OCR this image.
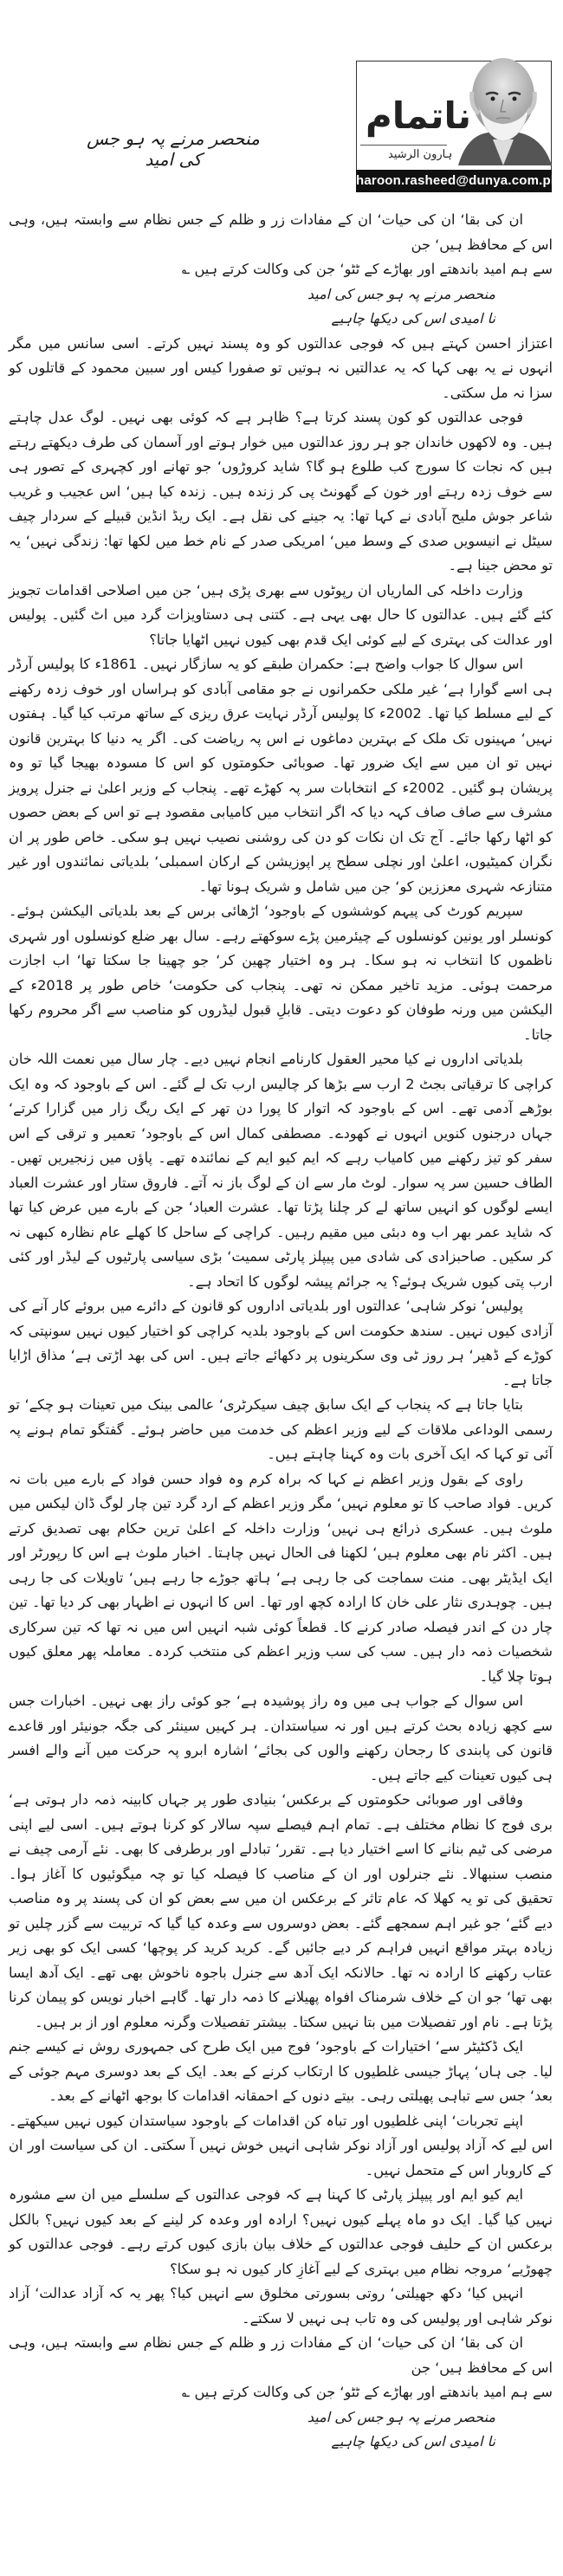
منحصر مرنے پہ ہو جس کی امید
ناتمام
ہارون الرشید
haroon.rasheed@dunya.com.pk

ان کی بقا‘ ان کی حیات‘ ان کے مفادات زر و ظلم کے جس نظام سے وابستہ ہیں، وہی اس کے محافظ ہیں‘ جن

سے ہم امید باندھتے اور بھاڑے کے ٹٹو‘ جن کی وکالت کرتے ہیں ؎

منحصر مرنے پہ ہو جس کی امید
نا امیدی اس کی دیکھا چاہیے

اعتزاز احسن کہتے ہیں کہ فوجی عدالتوں کو وہ پسند نہیں کرتے۔ اسی سانس میں مگر انہوں نے یہ بھی کہا کہ یہ عدالتیں نہ ہوتیں تو صفورا کیس اور سبین محمود کے قاتلوں کو سزا نہ مل سکتی۔

فوجی عدالتوں کو کون پسند کرتا ہے؟ ظاہر ہے کہ کوئی بھی نہیں۔ لوگ عدل چاہتے ہیں۔ وہ لاکھوں خاندان جو ہر روز عدالتوں میں خوار ہوتے اور آسمان کی طرف دیکھتے رہتے ہیں کہ نجات کا سورج کب طلوع ہو گا؟ شاید کروڑوں‘ جو تھانے اور کچہری کے تصور ہی سے خوف زدہ رہتے اور خون کے گھونٹ پی کر زندہ ہیں۔ زندہ کیا ہیں‘ اس عجیب و غریب شاعر جوش ملیح آبادی نے کہا تھا: یہ جینے کی نقل ہے۔ ایک ریڈ انڈین قبیلے کے سردار چیف سیٹل نے انیسویں صدی کے وسط میں‘ امریکی صدر کے نام خط میں لکھا تھا: زندگی نہیں‘ یہ تو محض جینا ہے۔

وزارت داخلہ کی الماریاں ان رپوٹوں سے بھری پڑی ہیں‘ جن میں اصلاحی اقدامات تجویز کئے گئے ہیں۔ عدالتوں کا حال بھی یہی ہے۔ کتنی ہی دستاویزات گرد میں اٹ گئیں۔ پولیس اور عدالت کی بہتری کے لیے کوئی ایک قدم بھی کیوں نہیں اٹھایا جاتا؟

اس سوال کا جواب واضح ہے: حکمران طبقے کو یہ سازگار نہیں۔ 1861ء کا پولیس آرڈر ہی اسے گوارا ہے‘ غیر ملکی حکمرانوں نے جو مقامی آبادی کو ہراساں اور خوف زدہ رکھنے کے لیے مسلط کیا تھا۔ 2002ء کا پولیس آرڈر نہایت عرق ریزی کے ساتھ مرتب کیا گیا۔ ہفتوں نہیں‘ مہینوں تک ملک کے بہترین دماغوں نے اس پہ ریاضت کی۔ اگر یہ دنیا کا بہترین قانون نہیں تو ان میں سے ایک ضرور تھا۔ صوبائی حکومتوں کو اس کا مسودہ بھیجا گیا تو وہ پریشان ہو گئیں۔ 2002ء کے انتخابات سر پہ کھڑے تھے۔ پنجاب کے وزیر اعلیٰ نے جنرل پرویز مشرف سے صاف صاف کہہ دیا کہ اگر انتخاب میں کامیابی مقصود ہے تو اس کے بعض حصوں کو اٹھا رکھا جائے۔ آج تک ان نکات کو دن کی روشنی نصیب نہیں ہو سکی۔ خاص طور پر ان نگران کمیٹیوں، اعلیٰ اور نچلی سطح پر اپوزیشن کے ارکان اسمبلی‘ بلدیاتی نمائندوں اور غیر متنازعہ شہری معززین کو‘ جن میں شامل و شریک ہونا تھا۔

سپریم کورٹ کی پیہم کوششوں کے باوجود‘ اڑھائی برس کے بعد بلدیاتی الیکشن ہوئے۔ کونسلر اور یونین کونسلوں کے چیئرمین پڑے سوکھتے رہے۔ سال بھر ضلع کونسلوں اور شہری ناظموں کا انتخاب نہ ہو سکا۔ ہر وہ اختیار چھین کر‘ جو چھینا جا سکتا تھا‘ اب اجازت مرحمت ہوئی۔ مزید تاخیر ممکن نہ تھی۔ پنجاب کی حکومت‘ خاص طور پر 2018ء کے الیکشن میں ورنہ طوفان کو دعوت دیتی۔ قابلِ قبول لیڈروں کو مناصب سے اگر محروم رکھا جاتا۔

بلدیاتی اداروں نے کیا محیر العقول کارنامے انجام نہیں دیے۔ چار سال میں نعمت اللہ خان کراچی کا ترقیاتی بجٹ 2 ارب سے بڑھا کر چالیس ارب تک لے گئے۔ اس کے باوجود کہ وہ ایک بوڑھے آدمی تھے۔ اس کے باوجود کہ اتوار کا پورا دن تھر کے ایک ریگ زار میں گزارا کرتے‘ جہاں درجنوں کنویں انہوں نے کھودے۔ مصطفی کمال اس کے باوجود‘ تعمیر و ترقی کے اس سفر کو تیز رکھنے میں کامیاب رہے کہ ایم کیو ایم کے نمائندہ تھے۔ پاؤں میں زنجیریں تھیں۔ الطاف حسین سر پہ سوار۔ لوٹ مار سے ان کے لوگ باز نہ آتے۔ فاروق ستار اور عشرت العباد ایسے لوگوں کو انہیں ساتھ لے کر چلنا پڑتا تھا۔ عشرت العباد‘ جن کے بارے میں عرض کیا تھا کہ شاید عمر بھر اب وہ دبئی میں مقیم رہیں۔ کراچی کے ساحل کا کھلے عام نظارہ کبھی نہ کر سکیں۔ صاحبزادی کی شادی میں پیپلز پارٹی سمیت‘ بڑی سیاسی پارٹیوں کے لیڈر اور کئی ارب پتی کیوں شریک ہوئے؟ یہ جرائم پیشہ لوگوں کا اتحاد ہے۔

پولیس‘ نوکر شاہی‘ عدالتوں اور بلدیاتی اداروں کو قانون کے دائرے میں بروئے کار آنے کی آزادی کیوں نہیں۔ سندھ حکومت اس کے باوجود بلدیہ کراچی کو اختیار کیوں نہیں سونپتی کہ کوڑے کے ڈھیر‘ ہر روز ٹی وی سکرینوں پر دکھائے جاتے ہیں۔ اس کی بھد اڑتی ہے‘ مذاق اڑایا جاتا ہے۔

بتایا جاتا ہے کہ پنجاب کے ایک سابق چیف سیکرٹری‘ عالمی بینک میں تعینات ہو چکے‘ تو رسمی الوداعی ملاقات کے لیے وزیر اعظم کی خدمت میں حاضر ہوئے۔ گفتگو تمام ہونے پہ آئی تو کہا کہ ایک آخری بات وہ کہنا چاہتے ہیں۔

راوی کے بقول وزیر اعظم نے کہا کہ براہ کرم وہ فواد حسن فواد کے بارے میں بات نہ کریں۔ فواد صاحب کا تو معلوم نہیں‘ مگر وزیر اعظم کے ارد گرد تین چار لوگ ڈان لیکس میں ملوث ہیں۔ عسکری ذرائع ہی نہیں‘ وزارت داخلہ کے اعلیٰ ترین حکام بھی تصدیق کرتے ہیں۔ اکثر نام بھی معلوم ہیں‘ لکھنا فی الحال نہیں چاہتا۔ اخبار ملوث ہے اس کا رپورٹر اور ایک ایڈیٹر بھی۔ منت سماجت کی جا رہی ہے‘ ہاتھ جوڑے جا رہے ہیں‘ تاویلات کی جا رہی ہیں۔ چوہدری نثار علی خان کا ارادہ کچھ اور تھا۔ اس کا انہوں نے اظہار بھی کر دیا تھا۔ تین چار دن کے اندر فیصلہ صادر کرنے کا۔ قطعاً کوئی شبہ انہیں اس میں نہ تھا کہ تین سرکاری شخصیات ذمہ دار ہیں۔ سب کی سب وزیر اعظم کی منتخب کردہ۔ معاملہ پھر معلق کیوں ہوتا چلا گیا۔

اس سوال کے جواب ہی میں وہ راز پوشیدہ ہے‘ جو کوئی راز بھی نہیں۔ اخبارات جس سے کچھ زیادہ بحث کرتے ہیں اور نہ سیاستدان۔ ہر کہیں سینئر کی جگہ جونیئر اور قاعدے قانون کی پابندی کا رجحان رکھنے والوں کی بجائے‘ اشارہ ابرو پہ حرکت میں آنے والے افسر ہی کیوں تعینات کیے جاتے ہیں۔

وفاقی اور صوبائی حکومتوں کے برعکس‘ بنیادی طور پر جہاں کابینہ ذمہ دار ہوتی ہے‘ بری فوج کا نظام مختلف ہے۔ تمام اہم فیصلے سپہ سالار کو کرنا ہوتے ہیں۔ اسی لیے اپنی مرضی کی ٹیم بنانے کا اسے اختیار دیا ہے۔ تقرر‘ تبادلے اور برطرفی کا بھی۔ نئے آرمی چیف نے منصب سنبھالا۔ نئے جنرلوں اور ان کے مناصب کا فیصلہ کیا تو چہ میگوئیوں کا آغاز ہوا۔ تحقیق کی تو یہ کھلا کہ عام تاثر کے برعکس ان میں سے بعض کو ان کی پسند پر وہ مناصب دیے گئے‘ جو غیر اہم سمجھے گئے۔ بعض دوسروں سے وعدہ کیا گیا کہ تربیت سے گزر چلیں تو زیادہ بہتر مواقع انہیں فراہم کر دیے جائیں گے۔ کرید کرید کر پوچھا‘ کسی ایک کو بھی زیر عتاب رکھنے کا ارادہ نہ تھا۔ حالانکہ ایک آدھ سے جنرل باجوہ ناخوش بھی تھے۔ ایک آدھ ایسا بھی تھا‘ جو ان کے خلاف شرمناک افواہ پھیلانے کا ذمہ دار تھا۔ گاہے اخبار نویس کو پیمان کرنا پڑتا ہے۔ نام اور تفصیلات میں بتا نہیں سکتا۔ بیشتر تفصیلات وگرنہ معلوم اور از بر ہیں۔

ایک ڈکٹیٹر سے‘ اختیارات کے باوجود‘ فوج میں ایک طرح کی جمہوری روش نے کیسے جنم لیا۔ جی ہاں‘ پہاڑ جیسی غلطیوں کا ارتکاب کرنے کے بعد۔ ایک کے بعد دوسری مہم جوئی کے بعد‘ جس سے تباہی پھیلتی رہی۔ بیتے دنوں کے احمقانہ اقدامات کا بوجھ اٹھانے کے بعد۔

اپنے تجربات‘ اپنی غلطیوں اور تباہ کن اقدامات کے باوجود سیاستدان کیوں نہیں سیکھتے۔ اس لیے کہ آزاد پولیس اور آزاد نوکر شاہی انہیں خوش نہیں آ سکتی۔ ان کی سیاست اور ان کے کاروبار اس کے متحمل نہیں۔

ایم کیو ایم اور پیپلز پارٹی کا کہنا ہے کہ فوجی عدالتوں کے سلسلے میں ان سے مشورہ نہیں کیا گیا۔ ایک دو ماہ پہلے کیوں نہیں؟ ارادہ اور وعدہ کر لینے کے بعد کیوں نہیں؟ بالکل برعکس ان کے حلیف فوجی عدالتوں کے خلاف بیان بازی کیوں کرتے رہے۔ فوجی عدالتوں کو چھوڑیے‘ مروجہ نظام میں بہتری کے لیے آغازِ کار کیوں نہ ہو سکا؟

انہیں کیا‘ دکھ جھیلتی‘ روتی بسورتی مخلوق سے انہیں کیا؟ پھر یہ کہ آزاد عدالت‘ آزاد نوکر شاہی اور پولیس کی وہ تاب ہی نہیں لا سکتے۔

ان کی بقا‘ ان کی حیات‘ ان کے مفادات زر و ظلم کے جس نظام سے وابستہ ہیں، وہی اس کے محافظ ہیں‘ جن

سے ہم امید باندھتے اور بھاڑے کے ٹٹو‘ جن کی وکالت کرتے ہیں ؎

منحصر مرنے پہ ہو جس کی امید
نا امیدی اس کی دیکھا چاہیے
